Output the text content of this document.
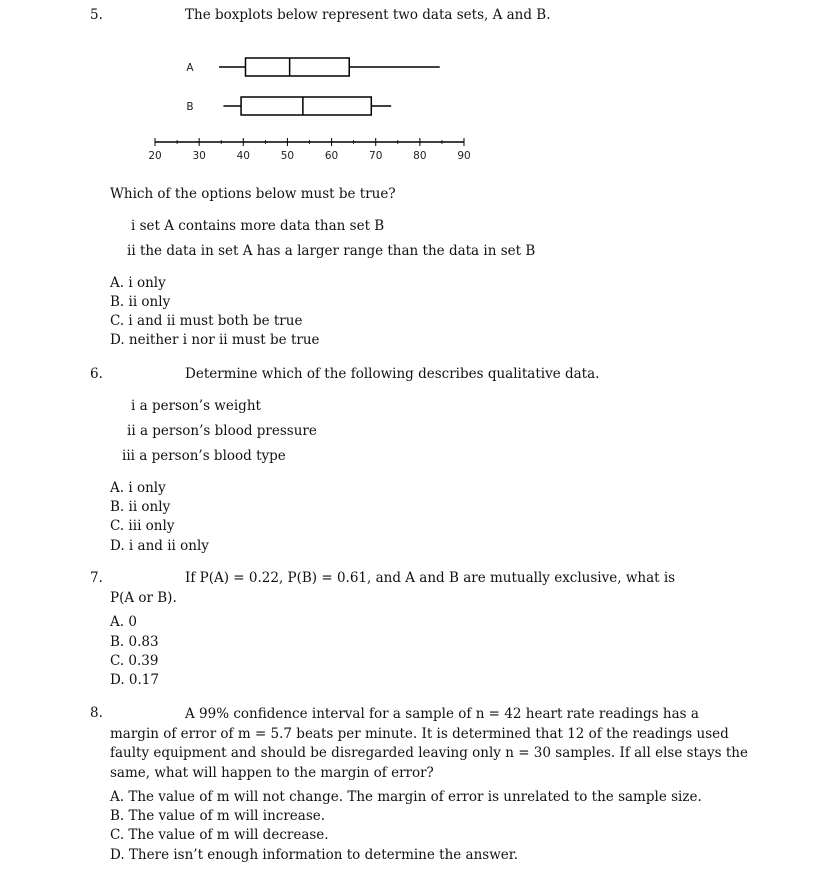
5.	The boxplots below represent two data sets, A and B.
20	30	40	50	60	70	80	90
A
B
Which of the options below must be true?
i set A contains more data than set B
ii the data in set A has a larger range than the data in set B
A. i only
B. ii only
C. i and ii must both be true
D. neither i nor ii must be true
6.	Determine which of the following describes qualitative data.
i a person’s weight
ii a person’s blood pressure
iii a person’s blood type
A. i only
B. ii only
C. iii only
D. i and ii only
7.	If P(A) = 0.22, P(B) = 0.61, and A and B are mutually exclusive, what is
P(A or B).
A. 0
B. 0.83
C. 0.39
D. 0.17
8.	A 99% confidence interval for a sample of n = 42 heart rate readings has a margin of error of m = 5.7 beats per minute. It is determined that 12 of the readings used faulty equipment and should be disregarded leaving only n = 30 samples. If all else stays the same, what will happen to the margin of error?
A. The value of m will not change. The margin of error is unrelated to the sample size.
B. The value of m will increase.
C. The value of m will decrease.
D. There isn’t enough information to determine the answer.
